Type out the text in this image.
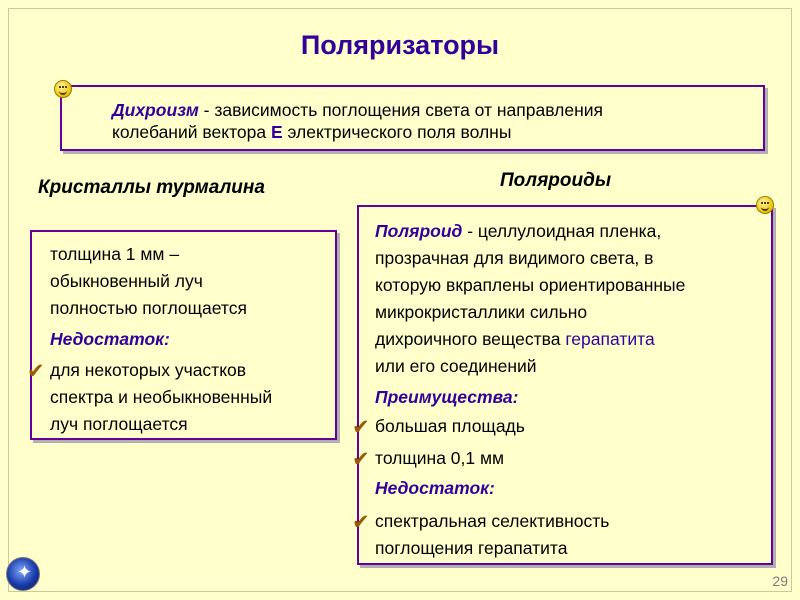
Поляризаторы
Дихроизм - зависимость поглощения света от направления
колебаний вектора Е электрического поля волны
Кристаллы турмалина
толщина 1 мм –
обыкновенный луч
полностью поглощается
Недостаток:
✔ для некоторых участков
спектра и необыкновенный
луч поглощается
Поляроиды
Поляроид - целлулоидная пленка,
прозрачная для видимого света, в
которую вкраплены ориентированные
микрокристаллики сильно
дихроичного вещества герапатита
или его соединений
Преимущества:
✔ большая площадь
✔ толщина 0,1 мм
Недостаток:
✔ спектральная селективность
поглощения герапатита
✦	29
